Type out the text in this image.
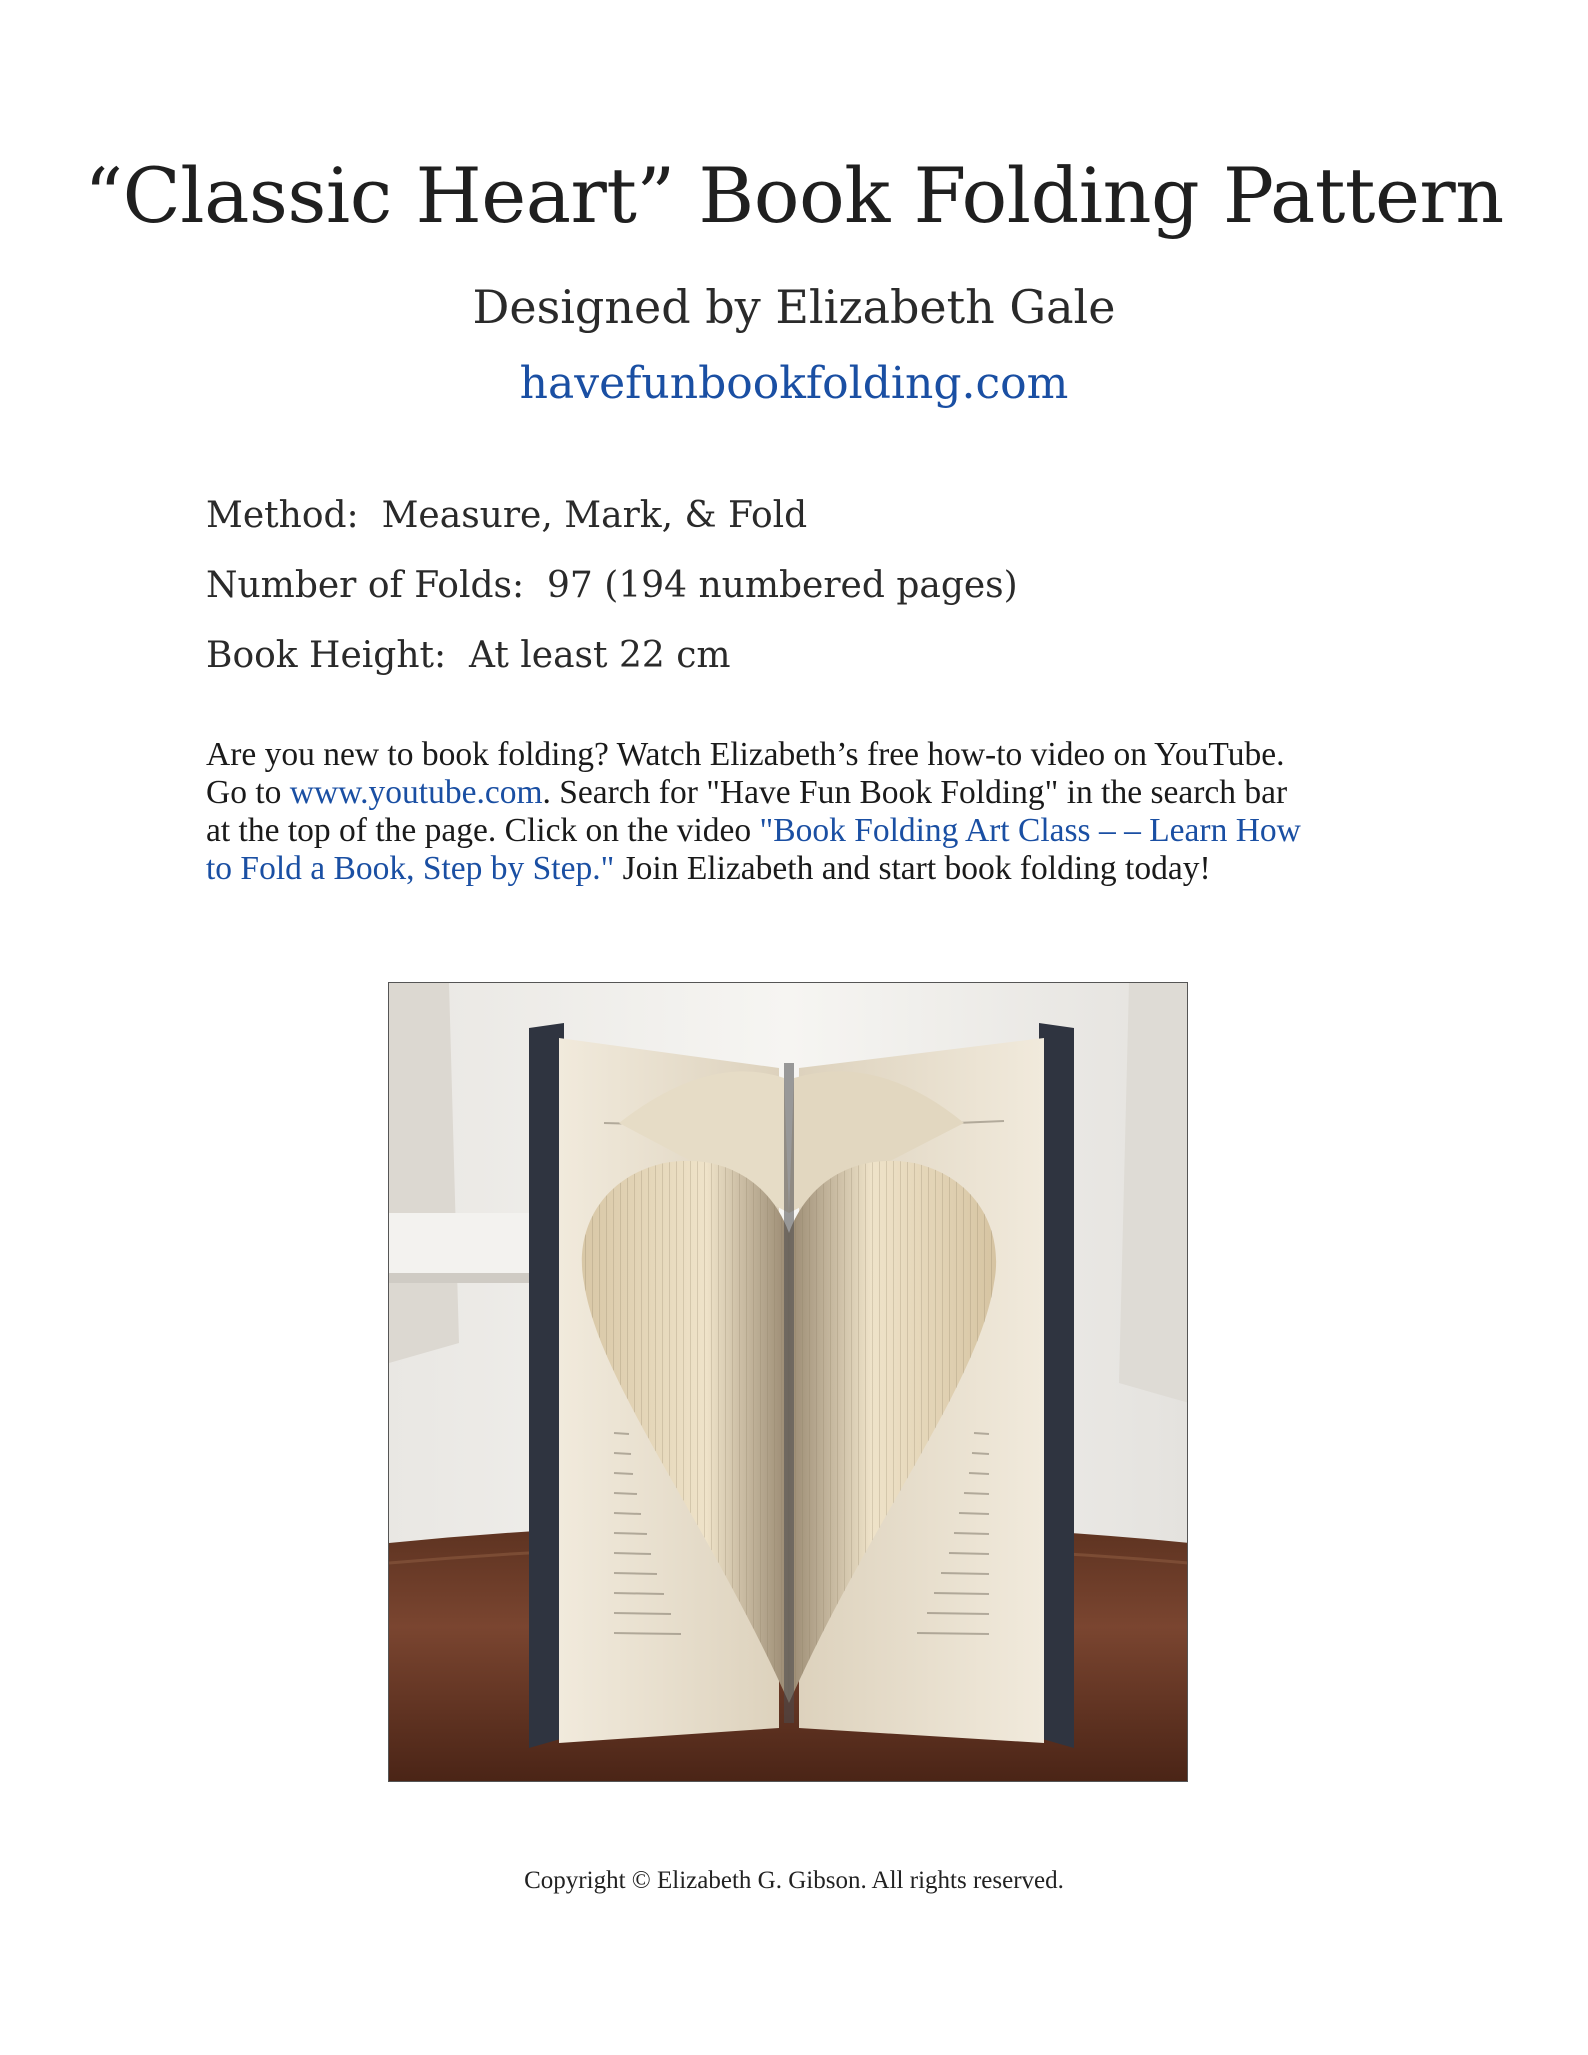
“Classic Heart” Book Folding Pattern
Designed by Elizabeth Gale
havefunbookfolding.com
Method: Measure, Mark, & Fold
Number of Folds: 97 (194 numbered pages)
Book Height: At least 22 cm
Are you new to book folding? Watch Elizabeth’s free how-to video on YouTube.
Go to www.youtube.com. Search for "Have Fun Book Folding" in the search bar
at the top of the page. Click on the video "Book Folding Art Class – – Learn How
to Fold a Book, Step by Step." Join Elizabeth and start book folding today!
Copyright © Elizabeth G. Gibson. All rights reserved.
